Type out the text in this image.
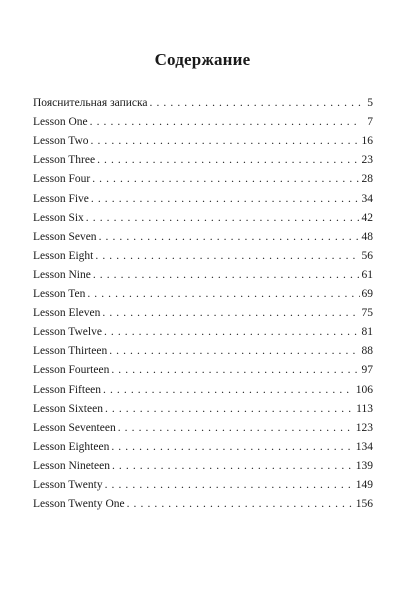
Содержание
Пояснительная записка . . .	5
Lesson One . . .	7
Lesson Two . . .	16
Lesson Three . . .	23
Lesson Four . . .	28
Lesson Five . . .	34
Lesson Six . . .	42
Lesson Seven . . .	48
Lesson Eight . . .	56
Lesson Nine . . .	61
Lesson Ten . . .	69
Lesson Eleven . . .	75
Lesson Twelve . . .	81
Lesson Thirteen . . .	88
Lesson Fourteen . . .	97
Lesson Fifteen . . .	106
Lesson Sixteen . . .	113
Lesson Seventeen . . .	123
Lesson Eighteen . . .	134
Lesson Nineteen . . .	139
Lesson Twenty . . .	149
Lesson Twenty One . . .	156
